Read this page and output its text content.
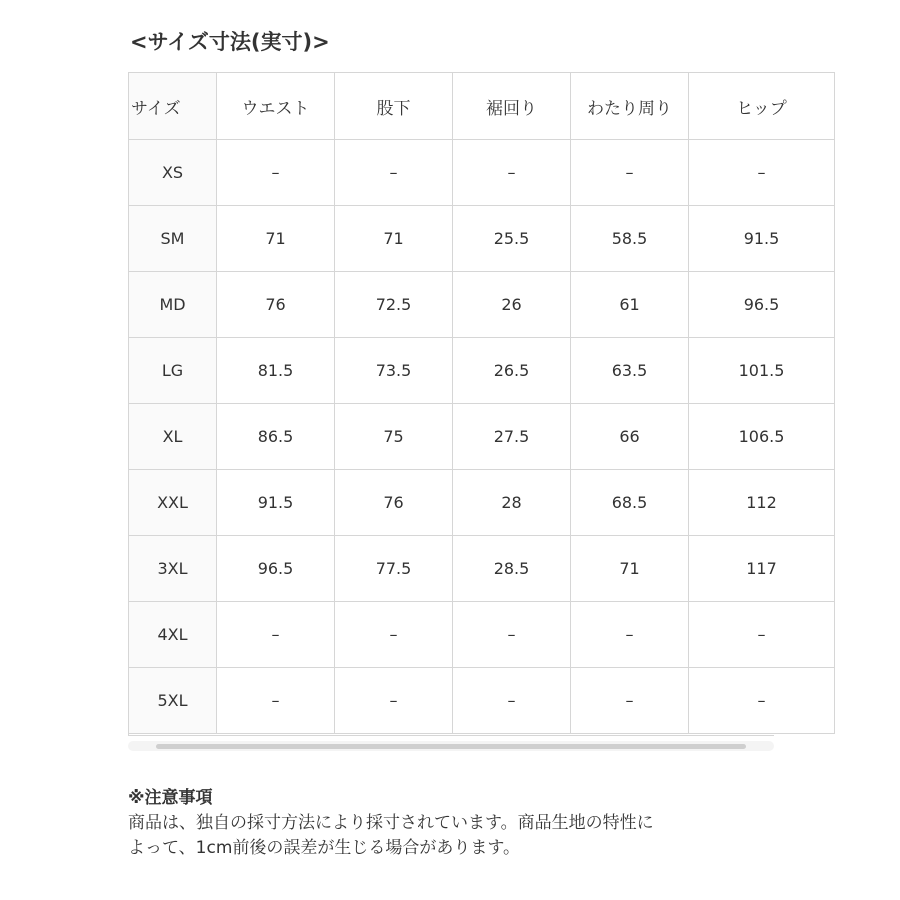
<サイズ寸法(実寸)>
サイズ	ウエスト	股下	裾回り	わたり周り	ヒップ
XS	–	–	–	–	–
SM	71	71	25.5	58.5	91.5
MD	76	72.5	26	61	96.5
LG	81.5	73.5	26.5	63.5	101.5
XL	86.5	75	27.5	66	106.5
XXL	91.5	76	28	68.5	112
3XL	96.5	77.5	28.5	71	117
4XL	–	–	–	–	–
5XL	–	–	–	–	–
※注意事項
商品は、独自の採寸方法により採寸されています。商品生地の特性に
よって、1cm前後の誤差が生じる場合があります。
